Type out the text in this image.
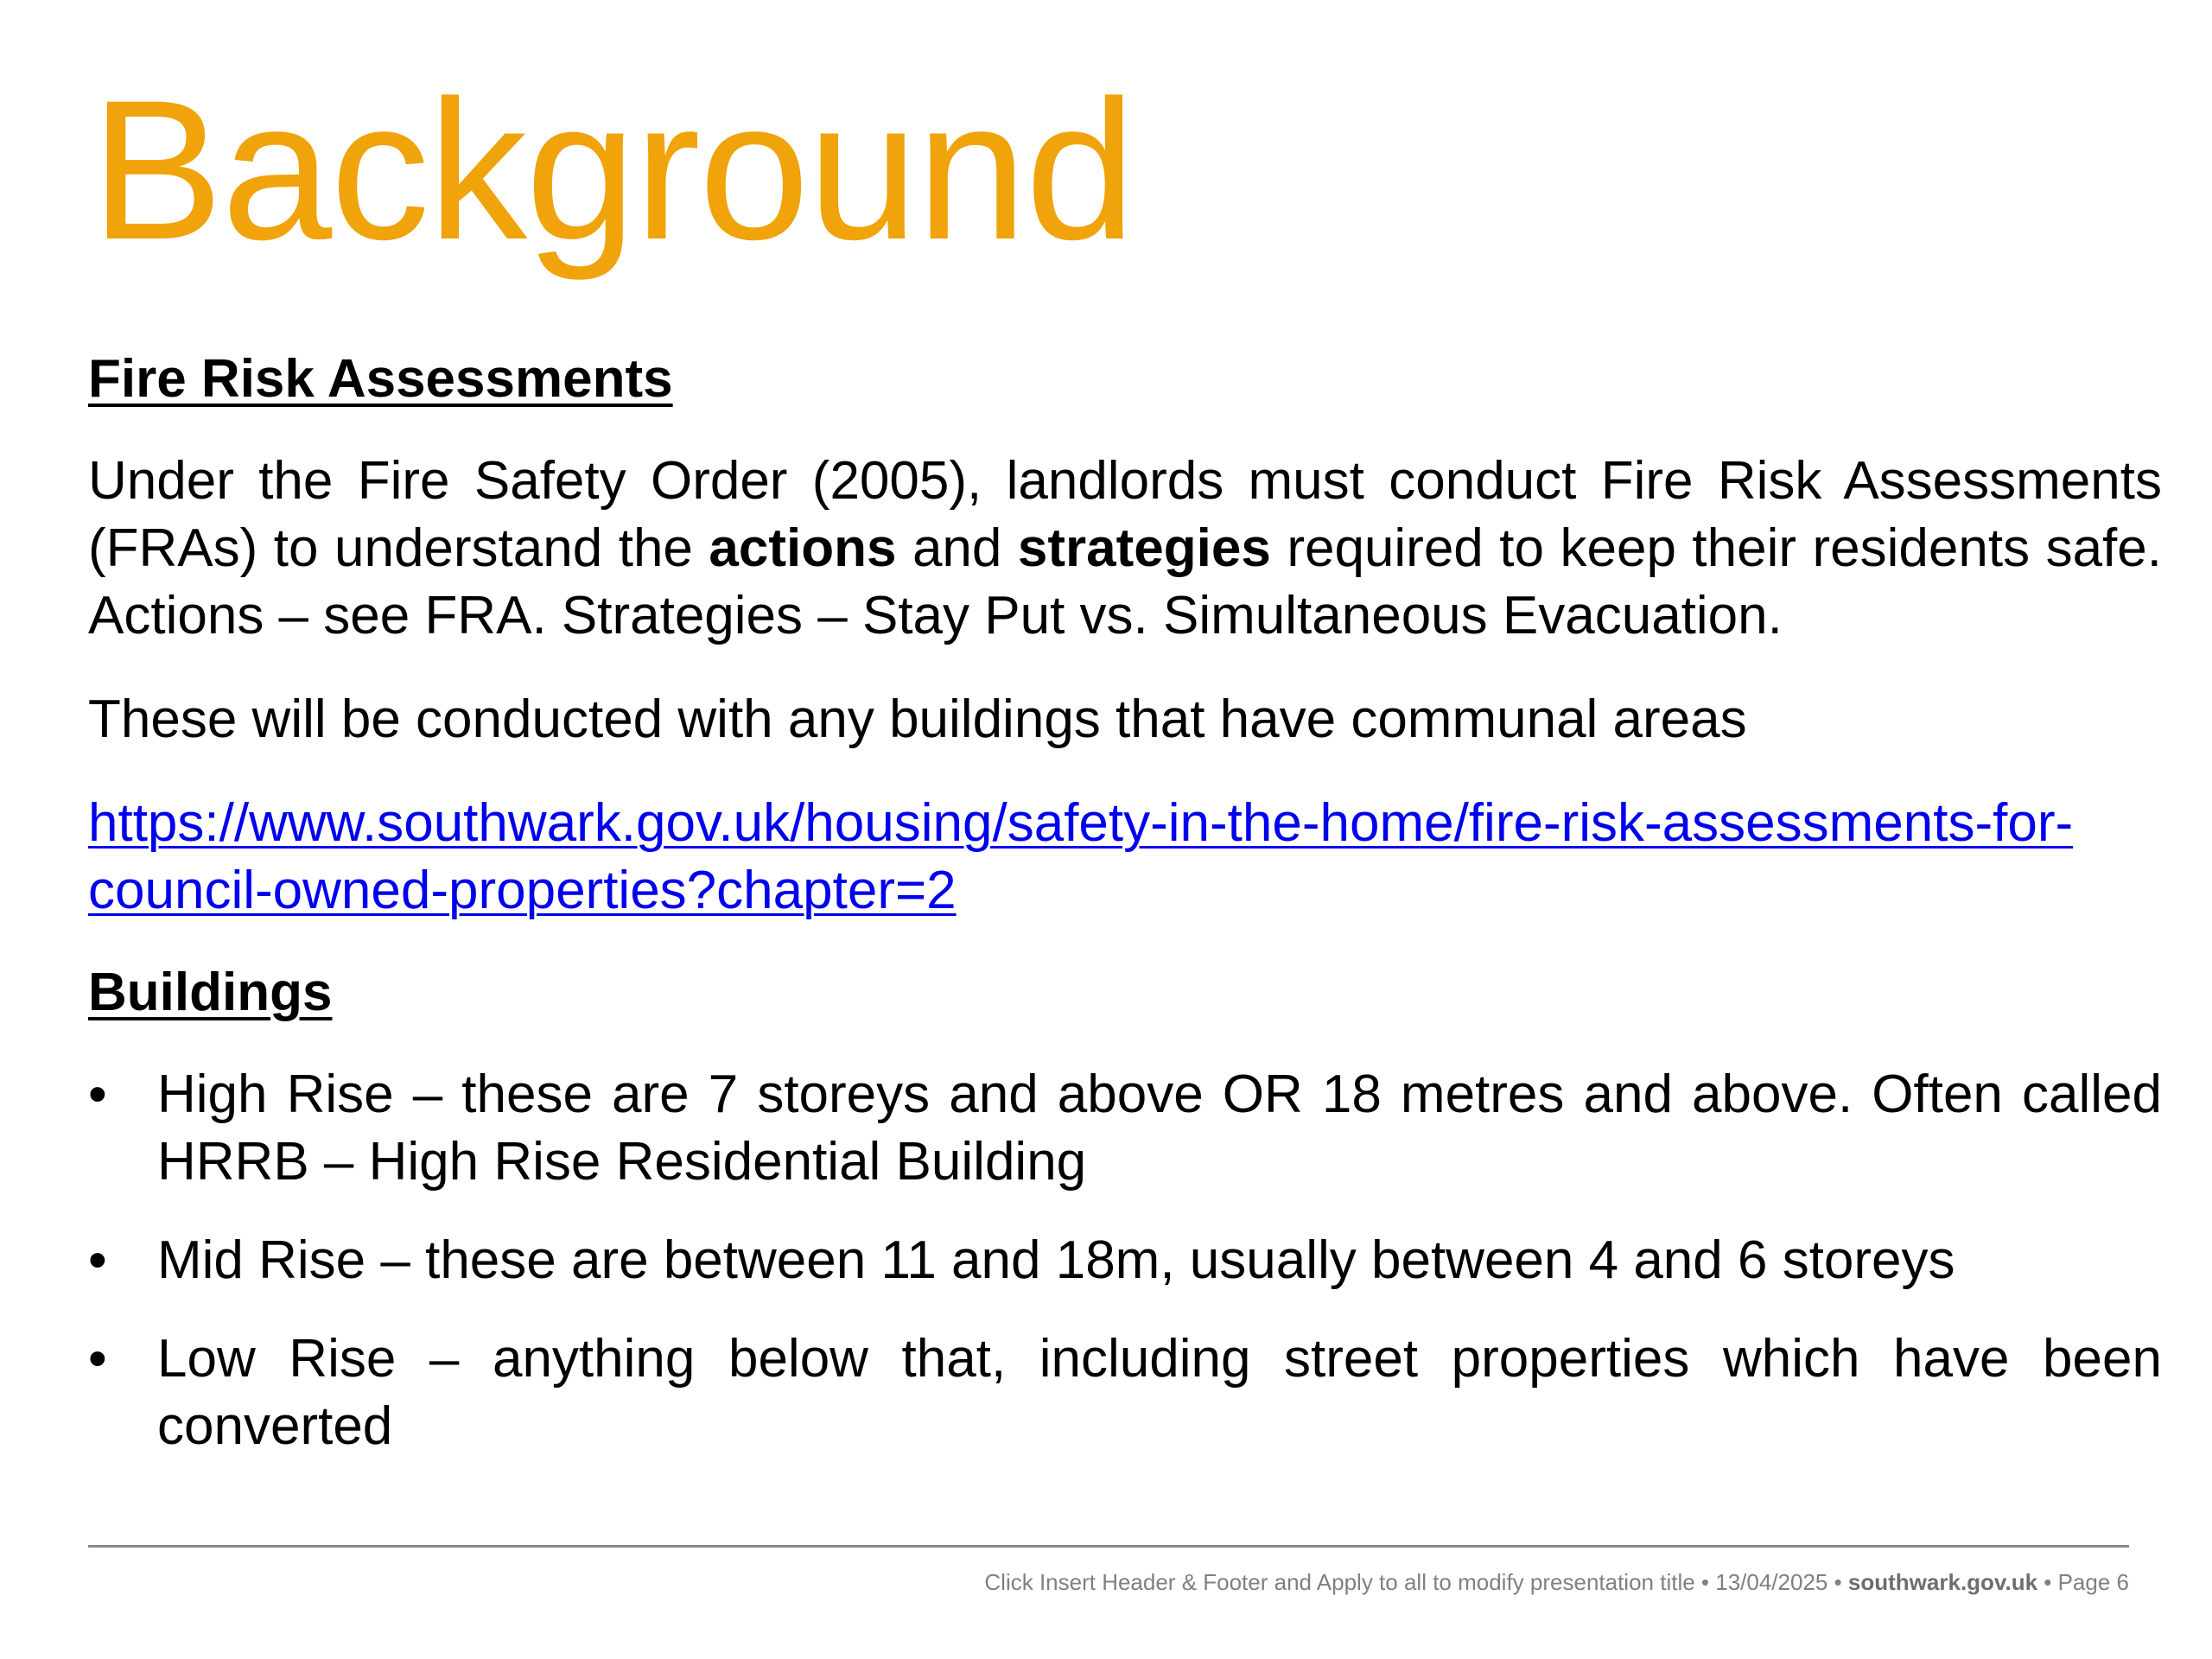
Background
Fire Risk Assessments

Under the Fire Safety Order (2005), landlords must conduct Fire Risk Assessments (FRAs) to understand the actions and strategies required to keep their residents safe. Actions – see FRA. Strategies – Stay Put vs. Simultaneous Evacuation.

These will be conducted with any buildings that have communal areas

https://www.southwark.gov.uk/housing/safety-in-the-home/fire-risk-assessments-for-council-owned-properties?chapter=2

Buildings
• High Rise – these are 7 storeys and above OR 18 metres and above. Often called HRRB – High Rise Residential Building
• Mid Rise – these are between 11 and 18m, usually between 4 and 6 storeys
• Low Rise – anything below that, including street properties which have been converted
Click Insert Header & Footer and Apply to all to modify presentation title • 13/04/2025 • southwark.gov.uk • Page 6
